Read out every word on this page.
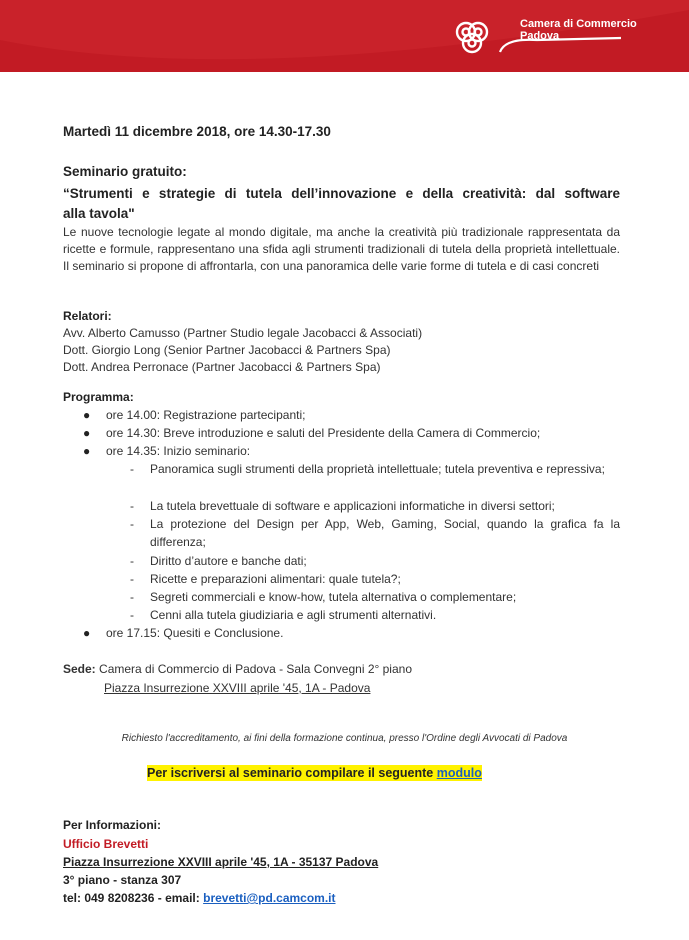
Camera di Commercio
Padova
Martedì 11 dicembre 2018, ore 14.30-17.30
Seminario gratuito:
“Strumenti e strategie di tutela dell’innovazione e della creatività: dal software
alla tavola"
Le nuove tecnologie legate al mondo digitale, ma anche la creatività più tradizionale rappresentata da ricette e formule, rappresentano una sfida agli strumenti tradizionali di tutela della proprietà intellettuale. Il seminario si propone di affrontarla, con una panoramica delle varie forme di tutela e di casi concreti
Relatori:
Avv. Alberto Camusso (Partner Studio legale Jacobacci & Associati)
Dott. Giorgio Long (Senior Partner Jacobacci & Partners Spa)
Dott. Andrea Perronace (Partner Jacobacci & Partners Spa)
Programma:
● ore 14.00: Registrazione partecipanti;
● ore 14.30: Breve introduzione e saluti del Presidente della Camera di Commercio;
● ore 14.35: Inizio seminario:
- Panoramica sugli strumenti della proprietà intellettuale; tutela preventiva e repressiva;
- La tutela brevettuale di software e applicazioni informatiche in diversi settori;
- La protezione del Design per App, Web, Gaming, Social, quando la grafica fa la differenza;
- Diritto d’autore e banche dati;
- Ricette e preparazioni alimentari: quale tutela?;
- Segreti commerciali e know-how, tutela alternativa o complementare;
- Cenni alla tutela giudiziaria e agli strumenti alternativi.
● ore 17.15: Quesiti e Conclusione.
Sede: Camera di Commercio di Padova - Sala Convegni 2° piano
Piazza Insurrezione XXVIII aprile '45, 1A - Padova
Richiesto l'accreditamento, ai fini della formazione continua, presso l'Ordine degli Avvocati di Padova
Per iscriversi al seminario compilare il seguente modulo
Per Informazioni:
Ufficio Brevetti
Piazza Insurrezione XXVIII aprile '45, 1A - 35137 Padova
3° piano - stanza 307
tel: 049 8208236 - email: brevetti@pd.camcom.it
